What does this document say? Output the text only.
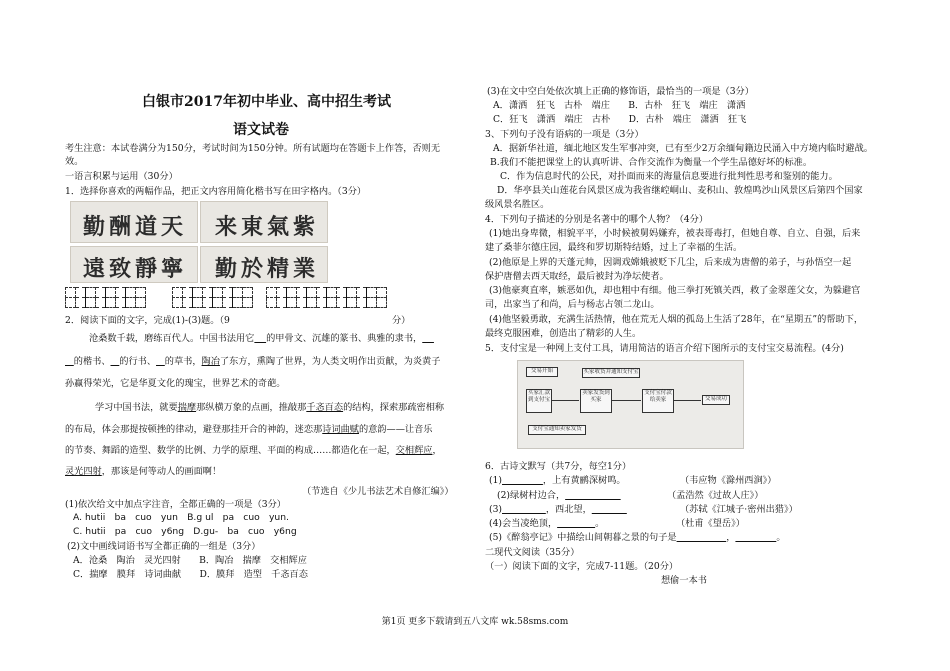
白银市2017年初中毕业、高中招生考试
语文试卷
考生注意：本试卷满分为150分，考试时间为150分钟。所有试题均在答题卡上作答，否则无
效。
一语言积累与运用（30分）
1．选择你喜欢的两幅作品，把正文内容用简化楷书写在田字格内。（3分）
勤酬道天 来東氣紫
遠致靜寧 勤於精業

2．阅读下面的文字，完成(1)-(3)题。（9	分）
沧桑数千载，磨练百代人。中国书法用它 的甲骨文、沉雄的篆书、典雅的隶书，
的楷书、 的行书、 的草书，陶冶了东方，熏陶了世界，为人类文明作出贡献，为炎黄子
孙赢得荣光，它是华夏文化的瑰宝，世界艺术的奇葩。
学习中国书法，就要揣摩那纵横万象的点画，推敲那千忞百态的结构，探索那疏密相称
的布局，体会那提按顿挫的律动，避登那挂开合的神韵，迷恋那诗词曲赋的意韵——让音乐
的节奏、舞蹈的造型、数学的比例、力学的原理、平面的构成……都造化在一起，交相辉应，
灵光四射，那该是何等动人的画面啊！
（节选自《少儿书法艺术自修汇编》）
(1)依次给文中加点字注音，全都正确的一项是（3分）
A. hutii　ba　cuo　yun　B.g ul　pa　cuo　yun.
C. hutii　pa　cuo　y6ng　D.gu-　ba　cuo　y6ng
(2)文中画线词语书写全都正确的一组是（3分）
A．沧桑　陶治　灵光四射　　B．陶冶　揣摩　交相辉应
C．揣摩　膜拜　诗词曲献　　D．膜拜　造型　千忞百态
(3)在文中空白处依次填上正确的修饰语，最恰当的一项是（3分）
A．潇洒　狂飞　古朴　端庄　　B．古朴　狂飞　端庄　潇洒
C．狂飞　潇洒　端庄　古朴　　D．古朴　端庄　潇洒　狂飞
3、下列句子没有语病的一项是（3分）
A．据新华社道，缅北地区发生军事冲突，已有至少2万余缅甸籍边民涌入中方境内临时避战。
B.我们不能把课堂上的认真听讲、合作交流作为衡量一个学生品德好坏的标准。
C．作为信息时代的公民，对扑面而来的海量信息要进行批判性思考和鉴别的能力。
D．华亭县关山莲花台风景区成为我省继崆峒山、麦积山、敦煌鸣沙山风景区后第四个国家
级风景名胜区。
4．下列句子描述的分别是名著中的哪个人物？（4分）
(1)她出身卑微，相貌平平，小时候被舅妈嫌弃，被表哥毒打，但她自尊、自立、自强，后来
建了桑菲尔德庄园，最终和罗切斯特结婚，过上了幸福的生活。
(2)他原是上界的天蓬元帅，因调戏嫦娥被贬下几尘，后来成为唐僧的弟子，与孙悟空一起
保护唐僧去西天取经，最后被封为净坛使者。
(3)他豪爽直率，嫉恶如仇，却也粗中有细。他三拳打死镇关西，救了金翠莲父女，为躲避官
司，出家当了和尚，后与杨志占领二龙山。
(4)他坚毅勇敢，充满生活热情，他在荒无人烟的孤岛上生活了28年，在“星期五”的帮助下，
最终克服困难，创造出了精彩的人生。
5．支付宝是一种网上支付工具，请用简洁的语言介绍下图所示的支付宝交易流程。(4分)
交易开始
买家汇款到支付宝
卖家发货到买家
买家收货并通知支付宝
支付宝付款给卖家	交易成功
支付宝通知卖家发货
6．古诗文默写（共7分，每空1分）
(1)	，上有黄鹂深树鸣。	（韦应物《滁州西涧》）
(2)绿树村边合，	（孟浩然《过故人庄》）
(3)	，西北望，	（苏轼《江城子·密州出猎》）
(4)会当凌绝顶，	。	（杜甫《望岳》）
(5)《醉翁亭记》中描绘山间朝暮之景的句子是	，	。
二现代文阅读（35分）
（一）阅读下面的文字，完成7-11题。（20分）
想偷一本书
第1页 更多下载请到五八文库 wk.58sms.com
